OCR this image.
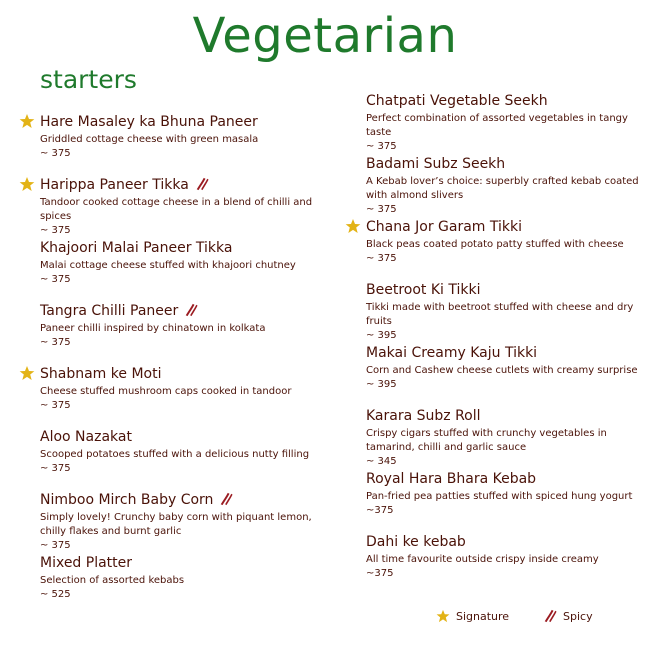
Vegetarian
starters
Hare Masaley ka Bhuna Paneer
Griddled cottage cheese with green masala
~ 375
Harippa Paneer Tikka
Tandoor cooked cottage cheese in a blend of chilli and spices
~ 375
Khajoori Malai Paneer Tikka
Malai cottage cheese stuffed with khajoori chutney
~ 375
Tangra Chilli Paneer
Paneer chilli inspired by chinatown in kolkata
~ 375
Shabnam ke Moti
Cheese stuffed mushroom caps cooked in tandoor
~ 375
Aloo Nazakat
Scooped potatoes stuffed with a delicious nutty filling
~ 375
Nimboo Mirch Baby Corn
Simply lovely! Crunchy baby corn with piquant lemon, chilly flakes and burnt garlic
~ 375
Mixed Platter
Selection of assorted kebabs
~ 525
Chatpati Vegetable Seekh
Perfect combination of assorted vegetables in tangy taste
~ 375
Badami Subz Seekh
A Kebab lover’s choice: superbly crafted kebab coated with almond slivers
~ 375
Chana Jor Garam Tikki
Black peas coated potato patty stuffed with cheese
~ 375
Beetroot Ki Tikki
Tikki made with beetroot stuffed with cheese and dry fruits
~ 395
Makai Creamy Kaju Tikki
Corn and Cashew cheese cutlets with creamy surprise
~ 395
Karara Subz Roll
Crispy cigars stuffed with crunchy vegetables in tamarind, chilli and garlic sauce
~ 345
Royal Hara Bhara Kebab
Pan-fried pea patties stuffed with spiced hung yogurt
~375
Dahi ke kebab
All time favourite outside crispy inside creamy
~375
Signature	Spicy
